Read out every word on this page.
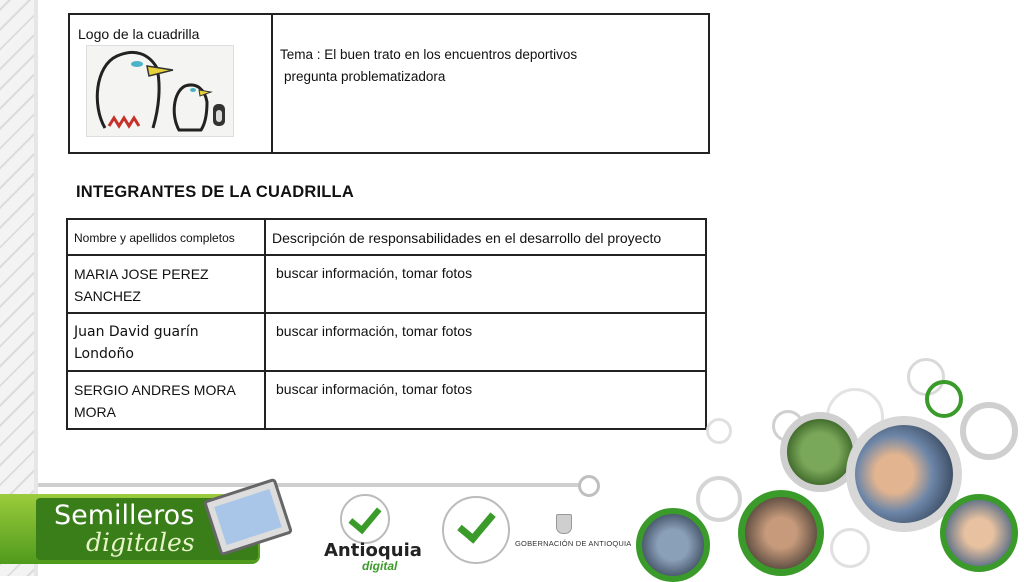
Logo de la cuadrilla
Tema : El buen trato en los encuentros deportivos
pregunta problematizadora
INTEGRANTES DE LA CUADRILLA
Nombre y apellidos completos	Descripción de responsabilidades en el desarrollo del proyecto

MARIA JOSE PEREZ SANCHEZ	buscar información, tomar fotos

Juan David guarín Londoño	buscar información, tomar fotos

SERGIO ANDRES MORA MORA	buscar información, tomar fotos
Semilleros
digitales	Antioquia
digital
GOBERNACIÓN DE ANTIOQUIA
